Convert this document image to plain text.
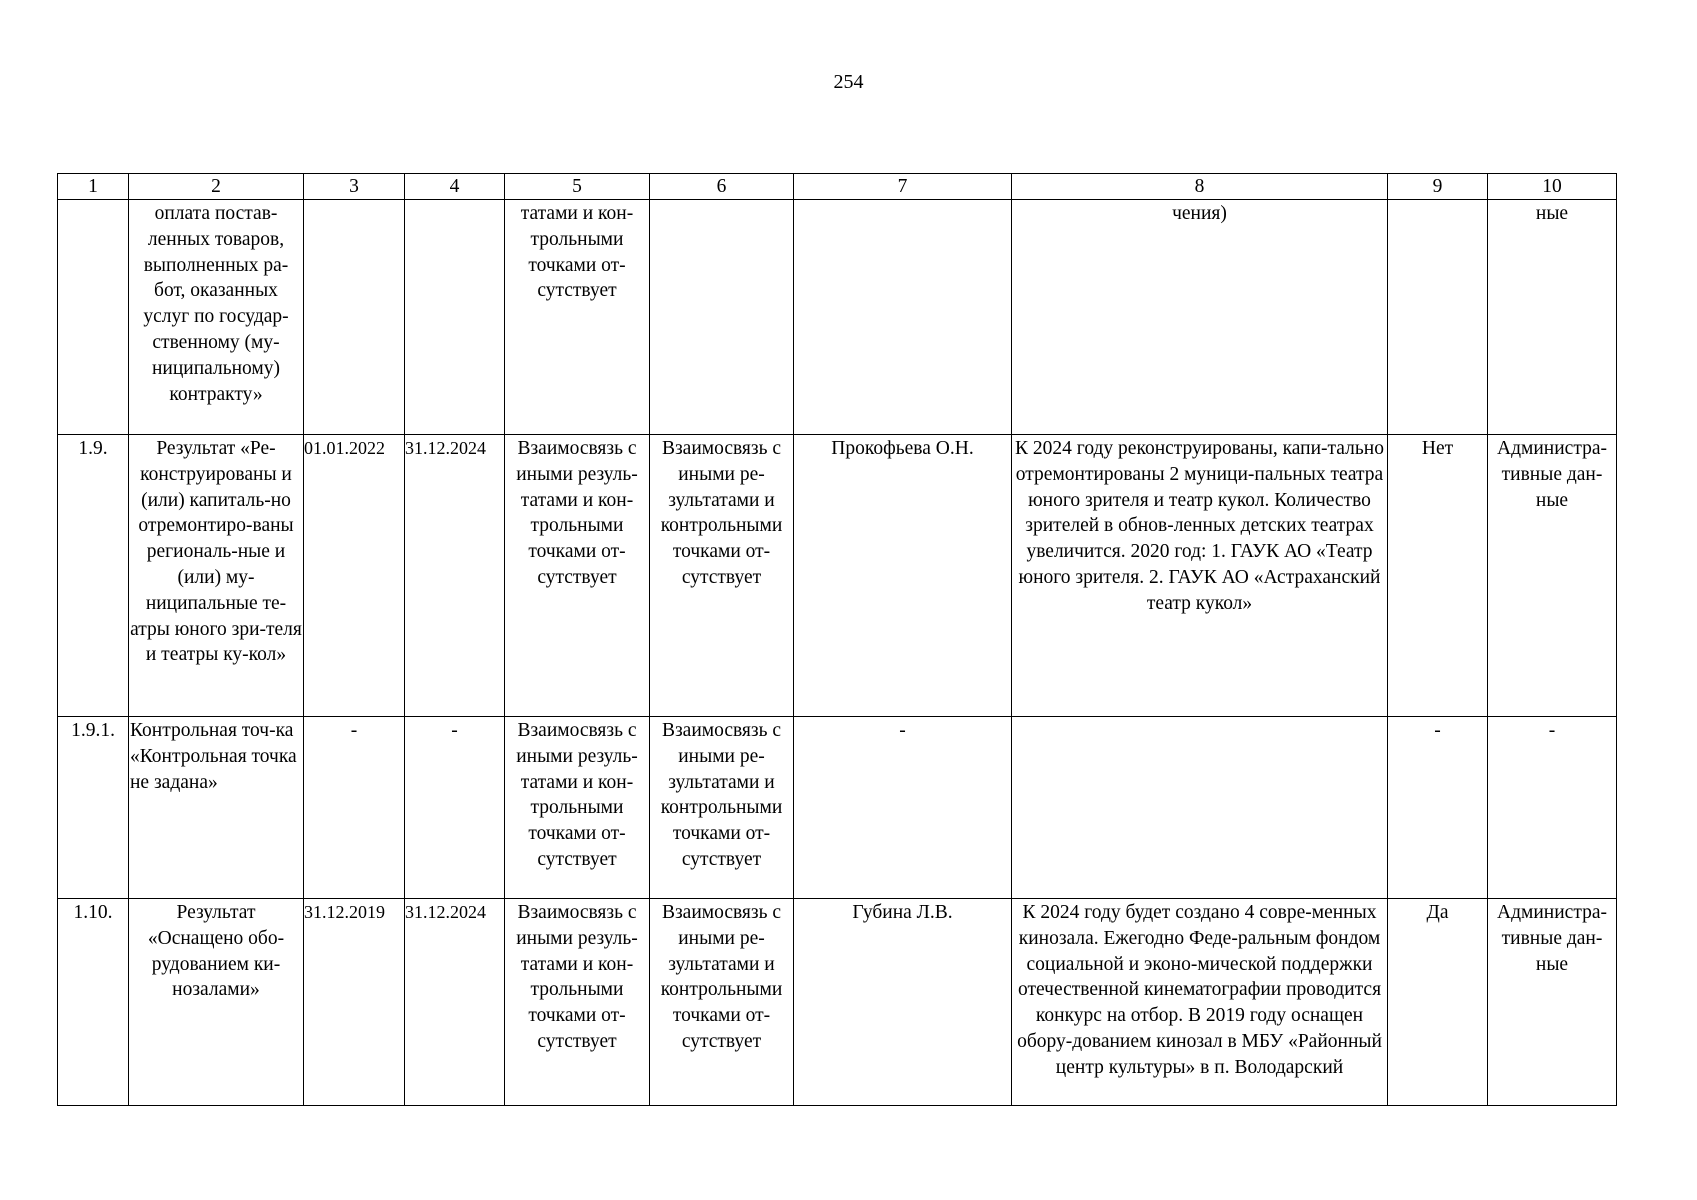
254
1	2	3	4	5	6	7	8	9	10
	оплата постав-ленных товаров, выполненных ра-бот, оказанных услуг по государ-ственному (му-ниципальному) контракту»			татами и кон-трольными точками от-сутствует			чения)		ные
1.9.	Результат «Ре-конструированы и (или) капиталь-но отремонтиро-ваны региональ-ные и (или) му-ниципальные те-атры юного зри-теля и театры ку-кол»	01.01.2022	31.12.2024	Взаимосвязь с иными резуль-татами и кон-трольными точками от-сутствует	Взаимосвязь с иными ре-зультатами и контрольными точками от-сутствует	Прокофьева О.Н.	К 2024 году реконструированы, капи-тально отремонтированы 2 муници-пальных театра юного зрителя и театр кукол. Количество зрителей в обнов-ленных детских театрах увеличится. 2020 год: 1. ГАУК АО «Театр юного зрителя. 2. ГАУК АО «Астраханский театр кукол»	Нет	Администра-тивные дан-ные
1.9.1.	Контрольная точ-ка «Контрольная точка не задана»	-	-	Взаимосвязь с иными резуль-татами и кон-трольными точками от-сутствует	Взаимосвязь с иными ре-зультатами и контрольными точками от-сутствует	-		-	-
1.10.	Результат «Оснащено обо-рудованием ки-нозалами»	31.12.2019	31.12.2024	Взаимосвязь с иными резуль-татами и кон-трольными точками от-сутствует	Взаимосвязь с иными ре-зультатами и контрольными точками от-сутствует	Губина Л.В.	К 2024 году будет создано 4 совре-менных кинозала. Ежегодно Феде-ральным фондом социальной и эконо-мической поддержки отечественной кинематографии проводится конкурс на отбор. В 2019 году оснащен обору-дованием кинозал в МБУ «Районный центр культуры» в п. Володарский	Да	Администра-тивные дан-ные
